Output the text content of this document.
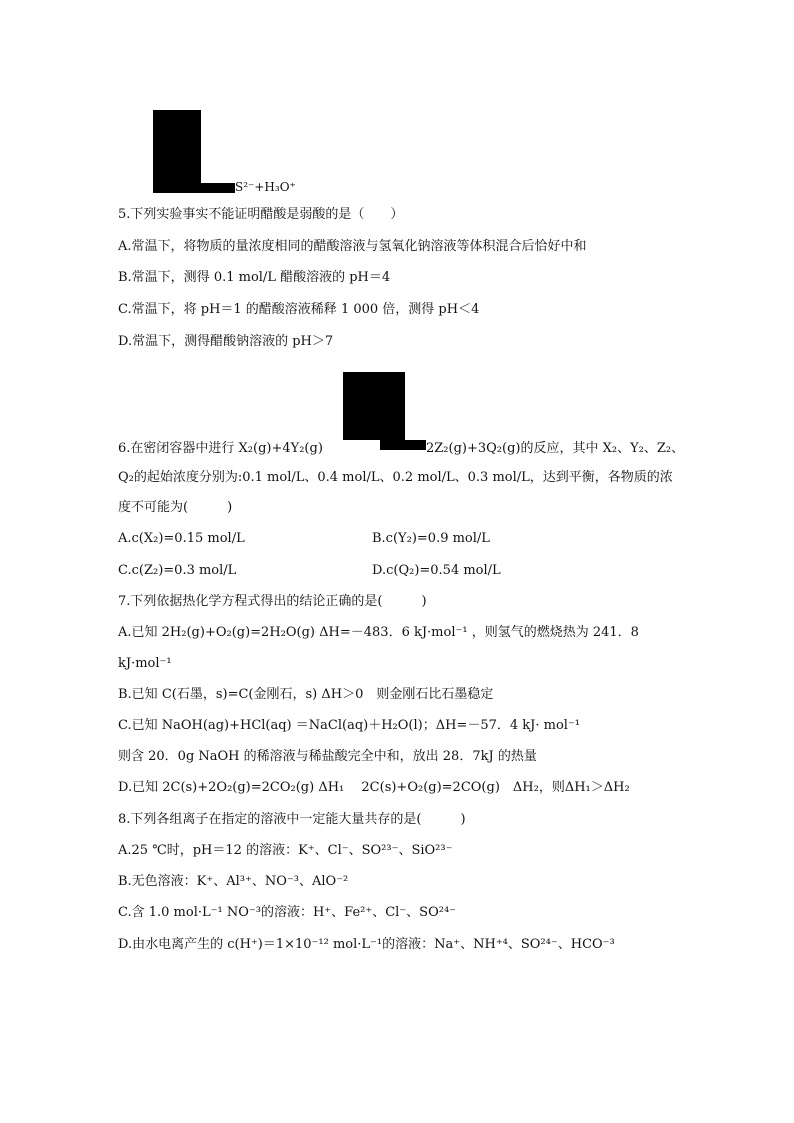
S²⁻+H₃O⁺
5.下列实验事实不能证明醋酸是弱酸的是（　　）
A.常温下，将物质的量浓度相同的醋酸溶液与氢氧化钠溶液等体积混合后恰好中和
B.常温下，测得 0.1 mol/L 醋酸溶液的 pH＝4
C.常温下，将 pH＝1 的醋酸溶液稀释 1 000 倍，测得 pH＜4
D.常温下，测得醋酸钠溶液的 pH＞7
6.在密闭容器中进行 X₂(g)+4Y₂(g)	2Z₂(g)+3Q₂(g)的反应，其中 X₂、Y₂、Z₂、
Q₂的起始浓度分别为:0.1 mol/L、0.4 mol/L、0.2 mol/L、0.3 mol/L，达到平衡，各物质的浓
度不可能为(　　　)
A.c(X₂)=0.15 mol/L	B.c(Y₂)=0.9 mol/L
C.c(Z₂)=0.3 mol/L	D.c(Q₂)=0.54 mol/L
7.下列依据热化学方程式得出的结论正确的是(　　　)
A.已知 2H₂(g)+O₂(g)=2H₂O(g) ΔH=－483．6 kJ·mol⁻¹ ，则氢气的燃烧热为 241．8
kJ·mol⁻¹
B.已知 C(石墨，s)=C(金刚石，s) ΔH＞0　则金刚石比石墨稳定
C.已知 NaOH(ag)+HCl(aq) ＝NaCl(aq)＋H₂O(l)；ΔH=－57．4 kJ· mol⁻¹
则含 20．0g NaOH 的稀溶液与稀盐酸完全中和，放出 28．7kJ 的热量
D.已知 2C(s)+2O₂(g)=2CO₂(g) ΔH₁　 2C(s)+O₂(g)=2CO(g)　ΔH₂，则ΔH₁＞ΔH₂
8.下列各组离子在指定的溶液中一定能大量共存的是(　　　)
A.25 ℃时，pH＝12 的溶液：K⁺、Cl⁻、SO²³⁻、SiO²³⁻
B.无色溶液：K⁺、Al³⁺、NO⁻³、AlO⁻²
C.含 1.0 mol·L⁻¹ NO⁻³的溶液：H⁺、Fe²⁺、Cl⁻、SO²⁴⁻
D.由水电离产生的 c(H⁺)＝1×10⁻¹² mol·L⁻¹的溶液：Na⁺、NH⁺⁴、SO²⁴⁻、HCO⁻³
